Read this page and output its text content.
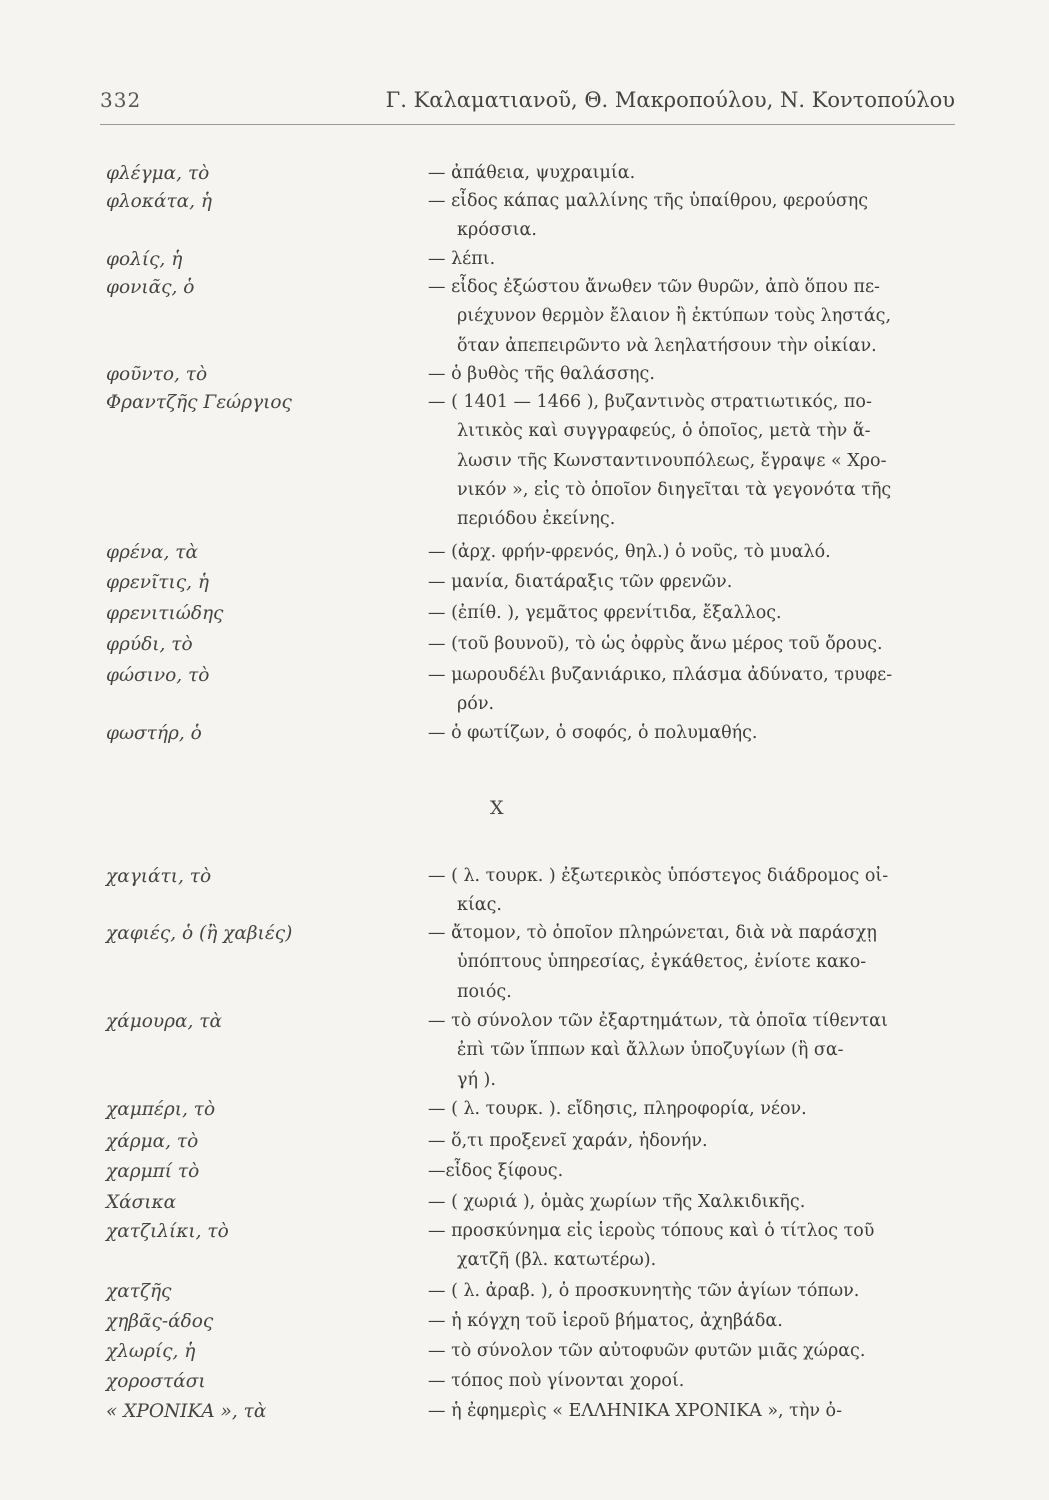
332	Γ. Καλαματιανοῦ, Θ. Μακροπούλου, Ν. Κοντοπούλου
Χ
φλέγμα, τὸ	— ἀπάθεια, ψυχραιμία.
φλοκάτα, ἡ	— εἶδος κάπας μαλλίνης τῆς ὑπαίθρου, φερούσης
κρόσσια.
φολίς, ἡ	— λέπι.
φονιᾶς, ὁ	— εἶδος ἐξώστου ἄνωθεν τῶν θυρῶν, ἀπὸ ὅπου πε-
ριέχυνον θερμὸν ἔλαιον ἢ ἐκτύπων τοὺς ληστάς,
ὅταν ἀπεπειρῶντο νὰ λεηλατήσουν τὴν οἰκίαν.
φοῦντο, τὸ	— ὁ βυθὸς τῆς θαλάσσης.
Φραντζῆς Γεώργιος	— ( 1401 — 1466 ), βυζαντινὸς στρατιωτικός, πο-
λιτικὸς καὶ συγγραφεύς, ὁ ὁποῖος, μετὰ τὴν ἅ-
λωσιν τῆς Κωνσταντινουπόλεως, ἔγραψε « Χρο-
νικόν », εἰς τὸ ὁποῖον διηγεῖται τὰ γεγονότα τῆς
περιόδου ἐκείνης.
φρένα, τὰ	— (ἀρχ. φρήν-φρενός, θηλ.) ὁ νοῦς, τὸ μυαλό.
φρενῖτις, ἡ	— μανία, διατάραξις τῶν φρενῶν.
φρενιτιώδης	— (ἐπίθ. ), γεμᾶτος φρενίτιδα, ἔξαλλος.
φρύδι, τὸ	— (τοῦ βουνοῦ), τὸ ὡς ὀφρὺς ἄνω μέρος τοῦ ὄρους.
φώσινο, τὸ	— μωρουδέλι βυζανιάρικο, πλάσμα ἀδύνατο, τρυφε-
ρόν.
φωστήρ, ὁ	— ὁ φωτίζων, ὁ σοφός, ὁ πολυμαθής.
χαγιάτι, τὸ	— ( λ. τουρκ. ) ἐξωτερικὸς ὑπόστεγος διάδρομος οἰ-
κίας.
χαφιές, ὁ (ἢ χαβιές)	— ἄτομον, τὸ ὁποῖον πληρώνεται, διὰ νὰ παράσχῃ
ὑπόπτους ὑπηρεσίας, ἐγκάθετος, ἐνίοτε κακο-
ποιός.
χάμουρα, τὰ	— τὸ σύνολον τῶν ἐξαρτημάτων, τὰ ὁποῖα τίθενται
ἐπὶ τῶν ἵππων καὶ ἄλλων ὑποζυγίων (ἢ σα-
γή ).
χαμπέρι, τὸ	— ( λ. τουρκ. ). εἴδησις, πληροφορία, νέον.
χάρμα, τὸ	— ὅ,τι προξενεῖ χαράν, ἡδονήν.
χαρμπί τὸ	—εἶδος ξίφους.
Χάσικα	— ( χωριά ), ὁμὰς χωρίων τῆς Χαλκιδικῆς.
χατζιλίκι, τὸ	— προσκύνημα εἰς ἱεροὺς τόπους καὶ ὁ τίτλος τοῦ
χατζῆ (βλ. κατωτέρω).
χατζῆς	— ( λ. ἀραβ. ), ὁ προσκυνητὴς τῶν ἁγίων τόπων.
χηβᾶς-άδος	— ἡ κόγχη τοῦ ἱεροῦ βήματος, ἀχηβάδα.
χλωρίς, ἡ	— τὸ σύνολον τῶν αὐτοφυῶν φυτῶν μιᾶς χώρας.
χοροστάσι	— τόπος ποὺ γίνονται χοροί.
« ΧΡΟΝΙΚΑ », τὰ	— ἡ ἐφημερὶς « ΕΛΛΗΝΙΚΑ ΧΡΟΝΙΚΑ », τὴν ὁ-
